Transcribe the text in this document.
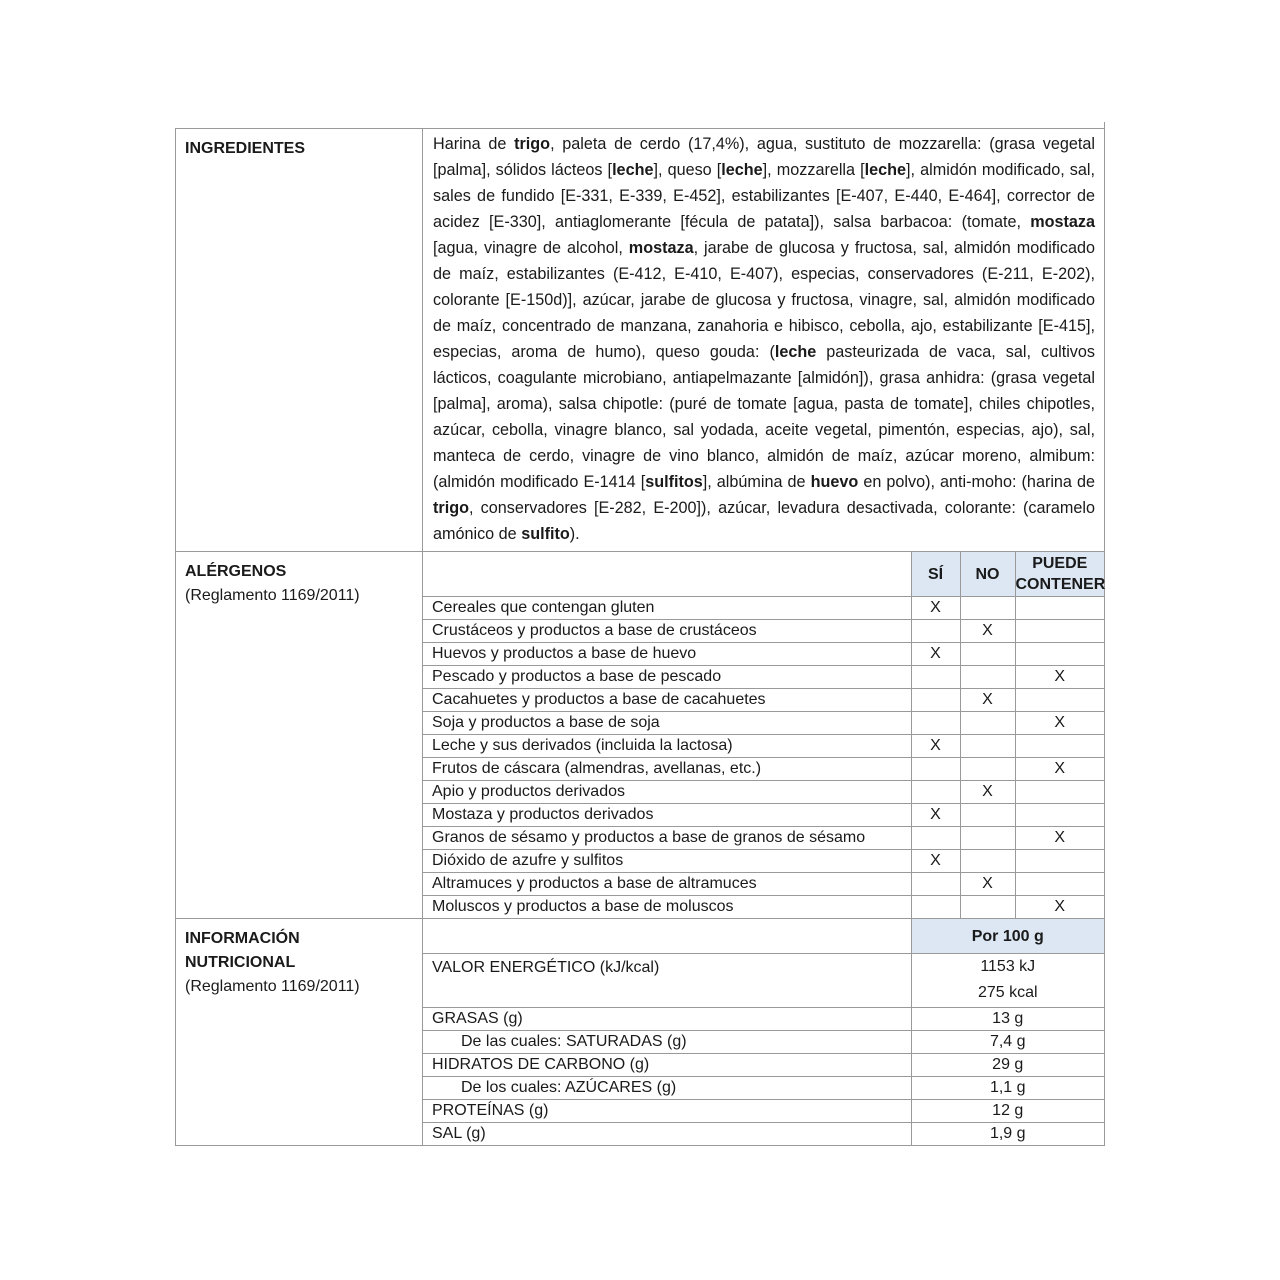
INGREDIENTES	Harina de trigo, paleta de cerdo (17,4%), agua, sustituto de mozzarella: (grasa vegetal [palma], sólidos lácteos [leche], queso [leche], mozzarella [leche], almidón modificado, sal, sales de fundido [E-331, E-339, E-452], estabilizantes [E-407, E-440, E-464], corrector de acidez [E-330], antiaglomerante [fécula de patata]), salsa barbacoa: (tomate, mostaza [agua, vinagre de alcohol, mostaza, jarabe de glucosa y fructosa, sal, almidón modificado de maíz, estabilizantes (E-412, E-410, E-407), especias, conservadores (E-211, E-202), colorante [E-150d)], azúcar, jarabe de glucosa y fructosa, vinagre, sal, almidón modificado de maíz, concentrado de manzana, zanahoria e hibisco, cebolla, ajo, estabilizante [E-415], especias, aroma de humo), queso gouda: (leche pasteurizada de vaca, sal, cultivos lácticos, coagulante microbiano, antiapelmazante [almidón]), grasa anhidra: (grasa vegetal [palma], aroma), salsa chipotle: (puré de tomate [agua, pasta de tomate], chiles chipotles, azúcar, cebolla, vinagre blanco, sal yodada, aceite vegetal, pimentón, especias, ajo), sal, manteca de cerdo, vinagre de vino blanco, almidón de maíz, azúcar moreno, almibum: (almidón modificado E-1414 [sulfitos], albúmina de huevo en polvo), anti-moho: (harina de trigo, conservadores [E-282, E-200]), azúcar, levadura desactivada, colorante: (caramelo amónico de sulfito).
ALÉRGENOS
(Reglamento 1169/2011)	
	SÍ	NO	PUEDE
CONTENER
Cereales que contengan gluten	X		
Crustáceos y productos a base de crustáceos		X	
Huevos y productos a base de huevo	X		
Pescado y productos a base de pescado			X
Cacahuetes y productos a base de cacahuetes		X	
Soja y productos a base de soja			X
Leche y sus derivados (incluida la lactosa)	X		
Frutos de cáscara (almendras, avellanas, etc.)			X
Apio y productos derivados		X	
Mostaza y productos derivados	X		
Granos de sésamo y productos a base de granos de sésamo			X
Dióxido de azufre y sulfitos	X		
Altramuces y productos a base de altramuces		X	
Moluscos y productos a base de moluscos			X

INFORMACIÓN
NUTRICIONAL
(Reglamento 1169/2011)	
	Por 100 g
VALOR ENERGÉTICO (kJ/kcal)	1153 kJ
275 kcal
GRASAS (g)	13 g
De las cuales: SATURADAS (g)	7,4 g
HIDRATOS DE CARBONO (g)	29 g
De los cuales: AZÚCARES (g)	1,1 g
PROTEÍNAS (g)	12 g
SAL (g)	1,9 g
